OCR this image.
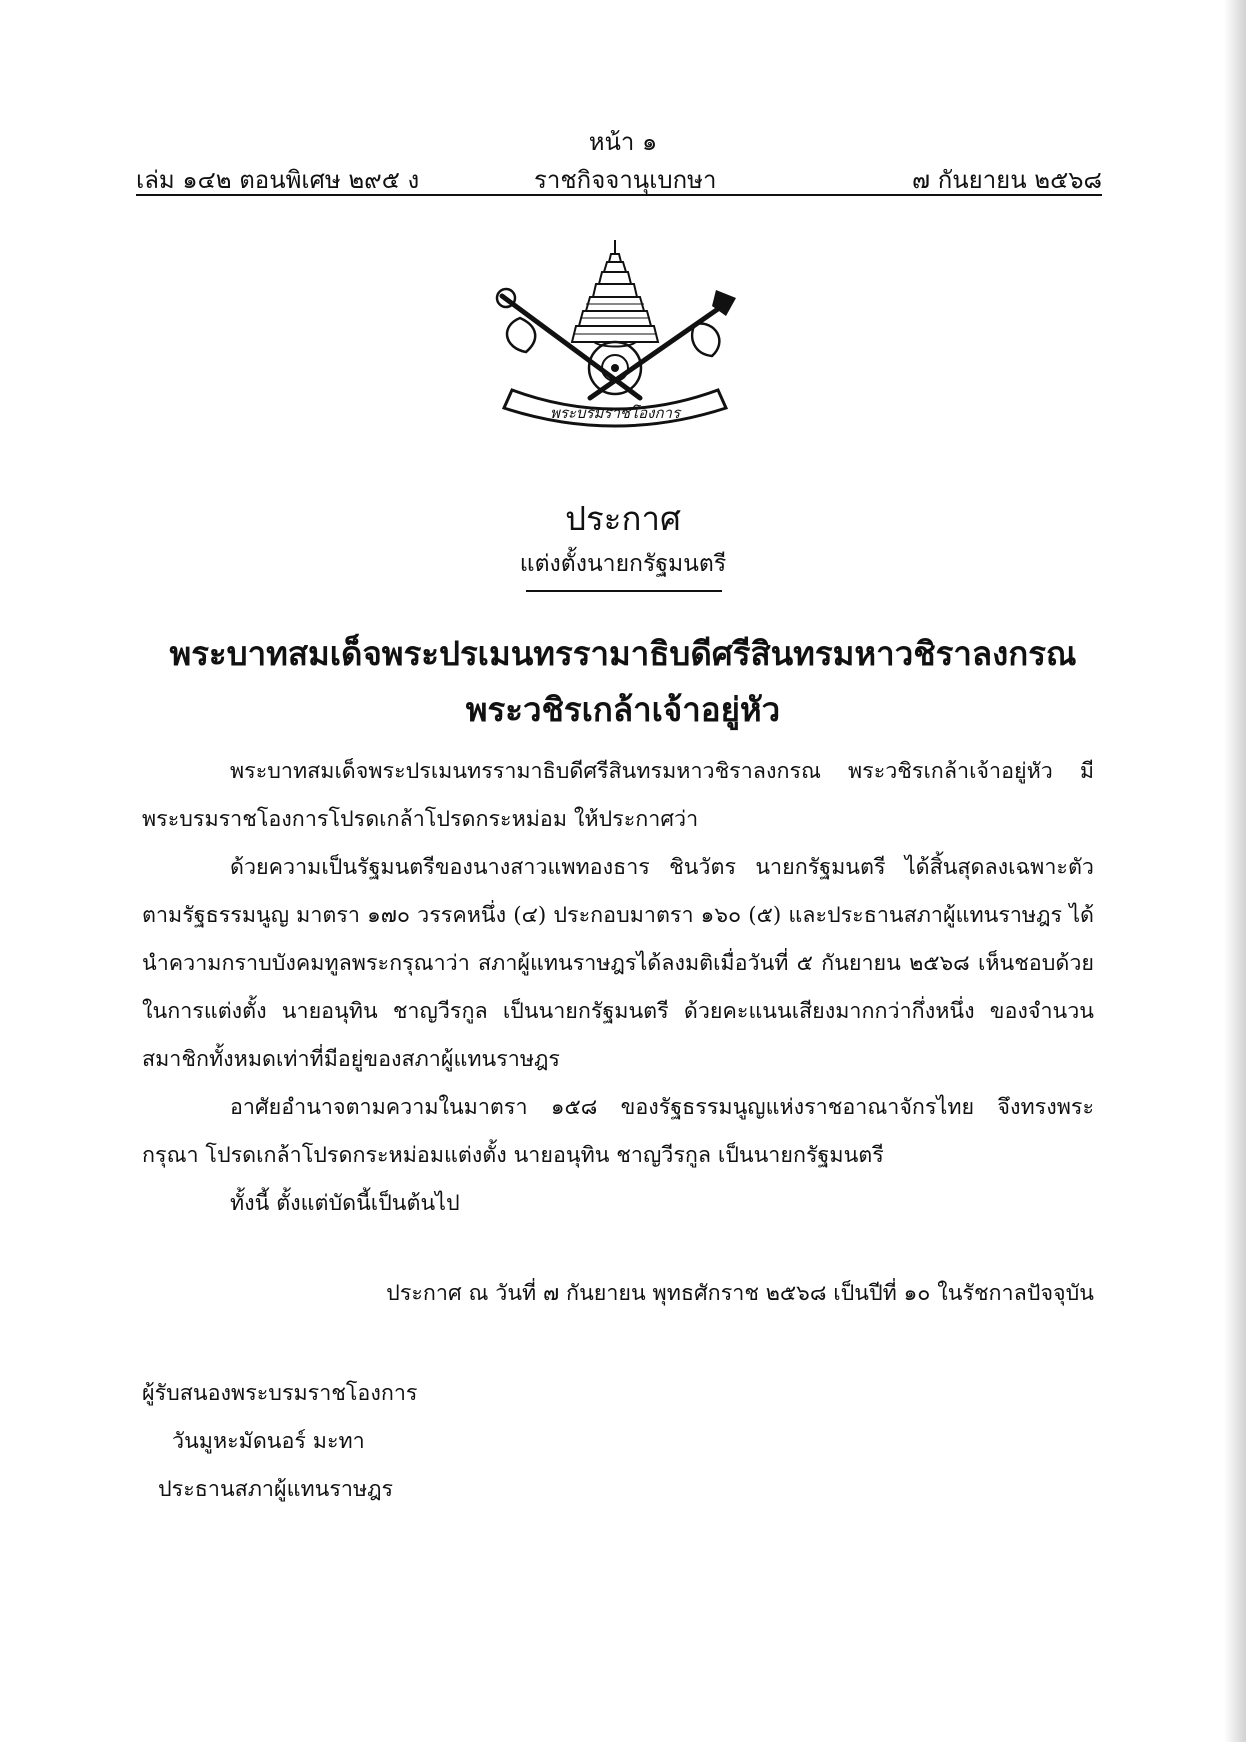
หน้า ๑
เล่ม ๑๔๒ ตอนพิเศษ ๒๙๕ ง	ราชกิจจานุเบกษา	๗ กันยายน ๒๕๖๘
พระบรมราชโองการ
ประกาศ
แต่งตั้งนายกรัฐมนตรี
พระบาทสมเด็จพระปรเมนทรรามาธิบดีศรีสินทรมหาวชิราลงกรณ
พระวชิรเกล้าเจ้าอยู่หัว

พระบาทสมเด็จพระปรเมนทรรามาธิบดีศรีสินทรมหาวชิราลงกรณ พระวชิรเกล้าเจ้าอยู่หัว มีพระบรมราชโองการโปรดเกล้าโปรดกระหม่อม ให้ประกาศว่า

ด้วยความเป็นรัฐมนตรีของนางสาวแพทองธาร ชินวัตร นายกรัฐมนตรี ได้สิ้นสุดลงเฉพาะตัว ตามรัฐธรรมนูญ มาตรา ๑๗๐ วรรคหนึ่ง (๔) ประกอบมาตรา ๑๖๐ (๕) และประธานสภาผู้แทนราษฎร ได้นำความกราบบังคมทูลพระกรุณาว่า สภาผู้แทนราษฎรได้ลงมติเมื่อวันที่ ๕ กันยายน ๒๕๖๘ เห็นชอบด้วย ในการแต่งตั้ง นายอนุทิน ชาญวีรกูล เป็นนายกรัฐมนตรี ด้วยคะแนนเสียงมากกว่ากึ่งหนึ่ง ของจำนวนสมาชิกทั้งหมดเท่าที่มีอยู่ของสภาผู้แทนราษฎร

อาศัยอำนาจตามความในมาตรา ๑๕๘ ของรัฐธรรมนูญแห่งราชอาณาจักรไทย จึงทรงพระกรุณา โปรดเกล้าโปรดกระหม่อมแต่งตั้ง นายอนุทิน ชาญวีรกูล เป็นนายกรัฐมนตรี

ทั้งนี้ ตั้งแต่บัดนี้เป็นต้นไป

ประกาศ ณ วันที่ ๗ กันยายน พุทธศักราช ๒๕๖๘ เป็นปีที่ ๑๐ ในรัชกาลปัจจุบัน
ผู้รับสนองพระบรมราชโองการ
วันมูหะมัดนอร์ มะทา
ประธานสภาผู้แทนราษฎร
